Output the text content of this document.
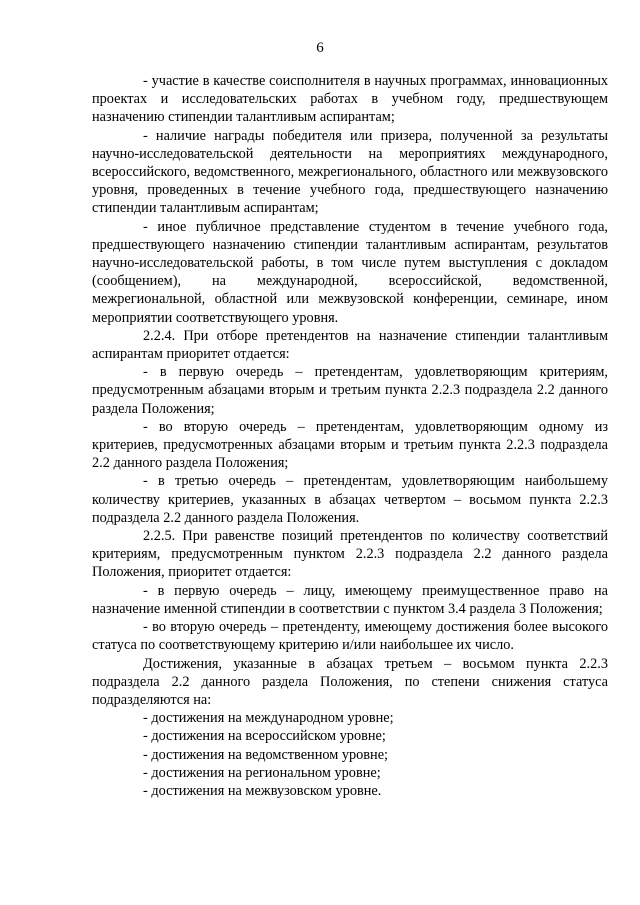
6

- участие в качестве соисполнителя в научных программах, инновационных проектах и исследовательских работах в учебном году, предшествующем назначению стипендии талантливым аспирантам;

- наличие награды победителя или призера, полученной за результаты научно-исследовательской деятельности на мероприятиях международного, всероссийского, ведомственного, межрегионального, областного или межвузовского уровня, проведенных в течение учебного года, предшествующего назначению стипендии талантливым аспирантам;

- иное публичное представление студентом в течение учебного года, предшествующего назначению стипендии талантливым аспирантам, результатов научно-исследовательской работы, в том числе путем выступления с докладом (сообщением), на международной, всероссийской, ведомственной, межрегиональной, областной или межвузовской конференции, семинаре, ином мероприятии соответствующего уровня.

2.2.4. При отборе претендентов на назначение стипендии талантливым аспирантам приоритет отдается:

- в первую очередь – претендентам, удовлетворяющим критериям, предусмотренным абзацами вторым и третьим пункта 2.2.3 подраздела 2.2 данного раздела Положения;

- во вторую очередь – претендентам, удовлетворяющим одному из критериев, предусмотренных абзацами вторым и третьим пункта 2.2.3 подраздела 2.2 данного раздела Положения;

- в третью очередь – претендентам, удовлетворяющим наибольшему количеству критериев, указанных в абзацах четвертом – восьмом пункта 2.2.3 подраздела 2.2 данного раздела Положения.

2.2.5. При равенстве позиций претендентов по количеству соответствий критериям, предусмотренным пунктом 2.2.3 подраздела 2.2 данного раздела Положения, приоритет отдается:

- в первую очередь – лицу, имеющему преимущественное право на назначение именной стипендии в соответствии с пунктом 3.4 раздела 3 Положения;

- во вторую очередь – претенденту, имеющему достижения более высокого статуса по соответствующему критерию и/или наибольшее их число.

Достижения, указанные в абзацах третьем – восьмом пункта 2.2.3 подраздела 2.2 данного раздела Положения, по степени снижения статуса подразделяются на:

- достижения на международном уровне;

- достижения на всероссийском уровне;

- достижения на ведомственном уровне;

- достижения на региональном уровне;

- достижения на межвузовском уровне.
